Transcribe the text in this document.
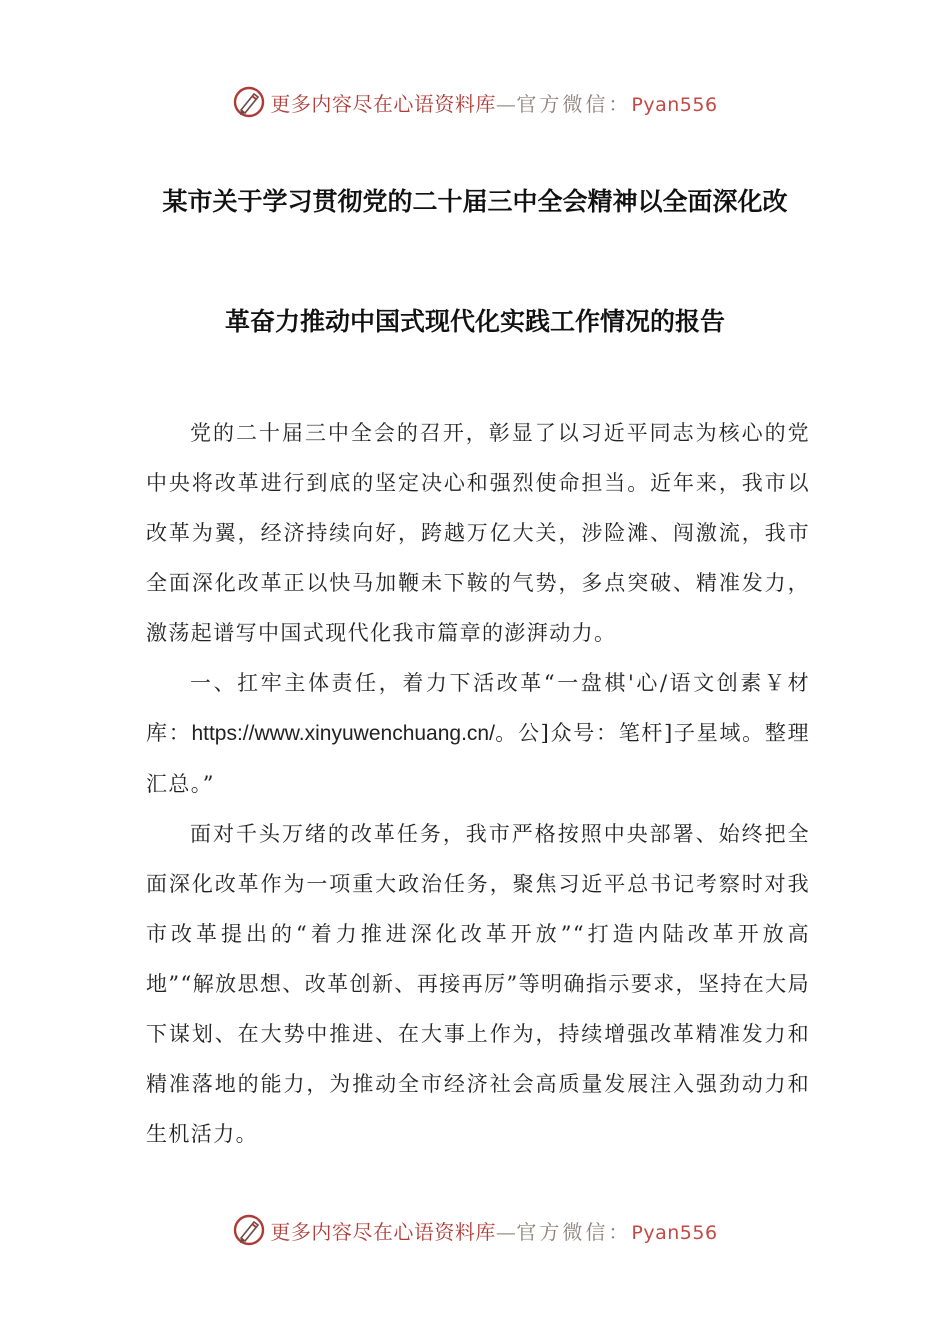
更多内容尽在心语资料库—官方微信：Pyan556
某市关于学习贯彻党的二十届三中全会精神以全面深化改
革奋力推动中国式现代化实践工作情况的报告

党的二十届三中全会的召开，彰显了以习近平同志为核心的党中央将改革进行到底的坚定决心和强烈使命担当。近年来，我市以改革为翼，经济持续向好，跨越万亿大关，涉险滩、闯激流，我市全面深化改革正以快马加鞭未下鞍的气势，多点突破、精准发力，激荡起谱写中国式现代化我市篇章的澎湃动力。

一、扛牢主体责任，着力下活改革“一盘棋'心/语文创素￥材库：https://www.xinyuwenchuang.cn/。公]众号：笔杆]子星域。整理汇总。”

面对千头万绪的改革任务，我市严格按照中央部署、始终把全面深化改革作为一项重大政治任务，聚焦习近平总书记考察时对我市改革提出的“着力推进深化改革开放”“打造内陆改革开放高地”“解放思想、改革创新、再接再厉”等明确指示要求，坚持在大局下谋划、在大势中推进、在大事上作为，持续增强改革精准发力和精准落地的能力，为推动全市经济社会高质量发展注入强劲动力和生机活力。

更多内容尽在心语资料库—官方微信：Pyan556
